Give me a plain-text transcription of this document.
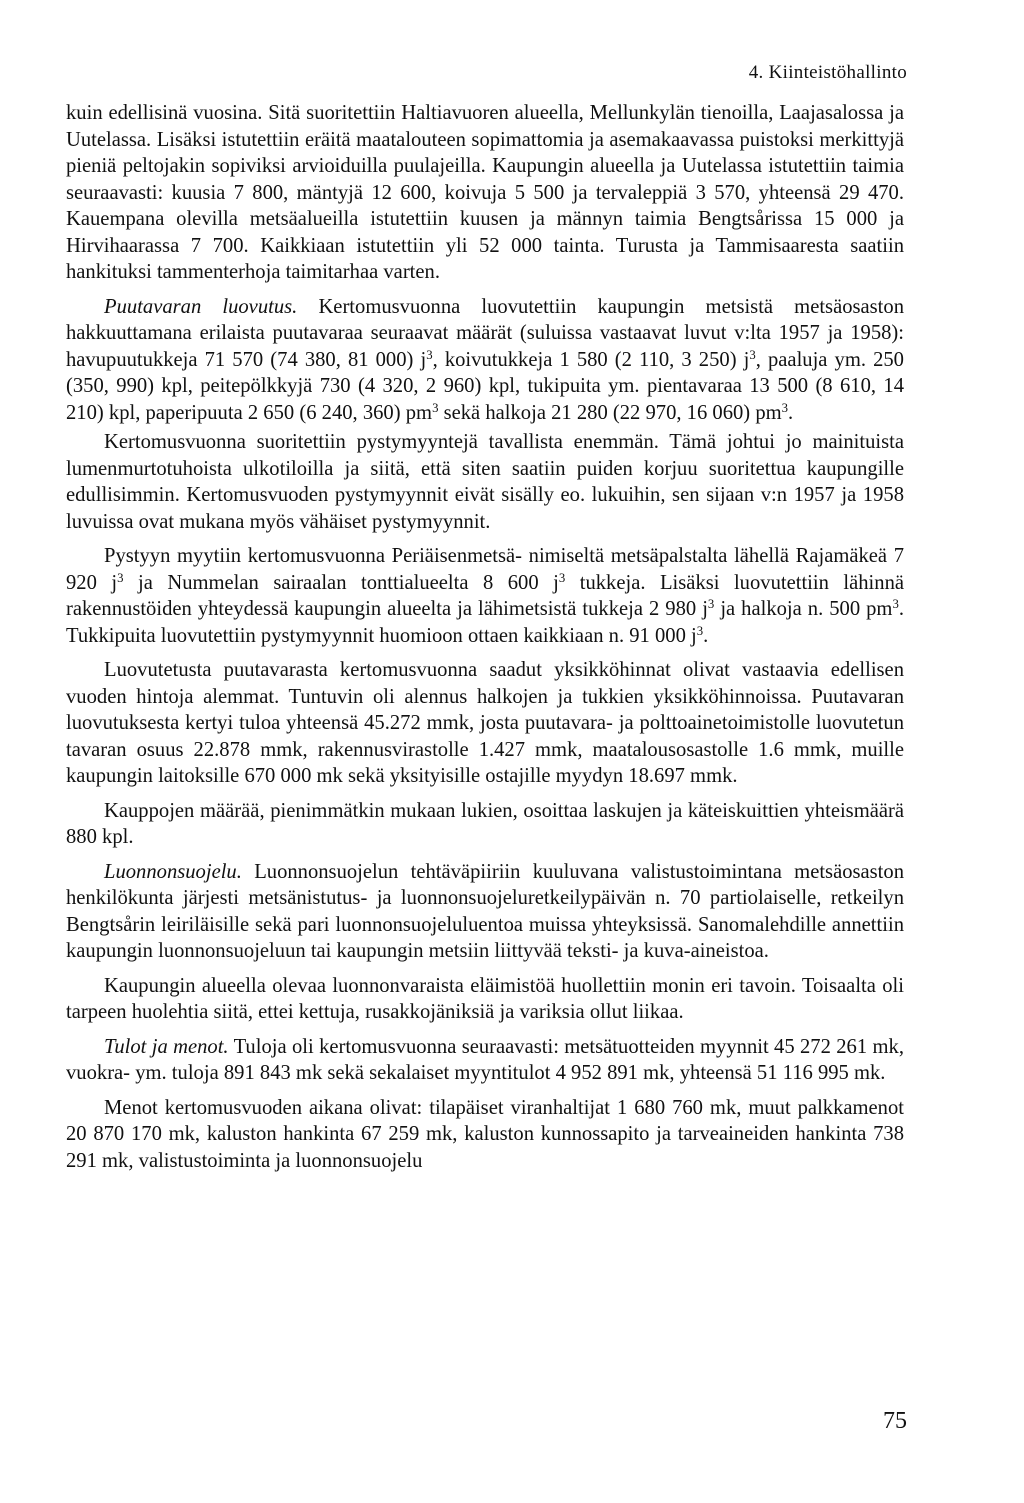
4. Kiinteistöhallinto

kuin edellisinä vuosina. Sitä suoritettiin Haltiavuoren alueella, Mellunkylän tienoilla, Laajasalossa ja Uutelassa. Lisäksi istutettiin eräitä maatalouteen sopimattomia ja asemakaavassa puistoksi merkittyjä pieniä peltojakin sopiviksi arvioiduilla puulajeilla. Kaupungin alueella ja Uutelassa istutettiin taimia seuraavasti: kuusia 7 800, mäntyjä 12 600, koivuja 5 500 ja tervaleppiä 3 570, yhteensä 29 470. Kauempana olevilla metsäalueilla istutettiin kuusen ja männyn taimia Bengtsårissa 15 000 ja Hirvihaarassa 7 700. Kaikkiaan istutettiin yli 52 000 tainta. Turusta ja Tammisaaresta saatiin hankituksi tammenterhoja taimitarhaa varten.

Puutavaran luovutus. Kertomusvuonna luovutettiin kaupungin metsistä metsäosaston hakkuuttamana erilaista puutavaraa seuraavat määrät (suluissa vastaavat luvut v:lta 1957 ja 1958): havupuutukkeja 71 570 (74 380, 81 000) $j^3$, koivutukkeja 1 580 (2 110, 3 250) $j^3$, paaluja ym. 250 (350, 990) kpl, peitepölkkyjä 730 (4 320, 2 960) kpl, tukipuita ym. pientavaraa 13 500 (8 610, 14 210) kpl, paperipuuta 2 650 (6 240, 360) $pm^3$ sekä halkoja 21 280 (22 970, 16 060) $pm^3$.

Kertomusvuonna suoritettiin pystymyyntejä tavallista enemmän. Tämä johtui jo mainituista lumenmurtotuhoista ulkotiloilla ja siitä, että siten saatiin puiden korjuu suoritettua kaupungille edullisimmin. Kertomusvuoden pystymyynnit eivät sisälly eo. lukuihin, sen sijaan v:n 1957 ja 1958 luvuissa ovat mukana myös vähäiset pystymyynnit.

Pystyyn myytiin kertomusvuonna Periäisenmetsä- nimiseltä metsäpalstalta lähellä Rajamäkeä 7 920 $j^3$ ja Nummelan sairaalan tonttialueelta 8 600 $j^3$ tukkeja. Lisäksi luovutettiin lähinnä rakennustöiden yhteydessä kaupungin alueelta ja lähimetsistä tukkeja 2 980 $j^3$ ja halkoja n. 500 $pm^3$. Tukkipuita luovutettiin pystymyynnit huomioon ottaen kaikkiaan n. 91 000 $j^3$.

Luovutetusta puutavarasta kertomusvuonna saadut yksikköhinnat olivat vastaavia edellisen vuoden hintoja alemmat. Tuntuvin oli alennus halkojen ja tukkien yksikköhinnoissa. Puutavaran luovutuksesta kertyi tuloa yhteensä 45.272 mmk, josta puutavara- ja polttoainetoimistolle luovutetun tavaran osuus 22.878 mmk, rakennusvirastolle 1.427 mmk, maatalousosastolle 1.6 mmk, muille kaupungin laitoksille 670 000 mk sekä yksityisille ostajille myydyn 18.697 mmk.

Kauppojen määrää, pienimmätkin mukaan lukien, osoittaa laskujen ja käteiskuittien yhteismäärä 880 kpl.

Luonnonsuojelu. Luonnonsuojelun tehtäväpiiriin kuuluvana valistustoimintana metsäosaston henkilökunta järjesti metsänistutus- ja luonnonsuojeluretkeilypäivän n. 70 partiolaiselle, retkeilyn Bengtsårin leiriläisille sekä pari luonnonsuojeluluentoa muissa yhteyksissä. Sanomalehdille annettiin kaupungin luonnonsuojeluun tai kaupungin metsiin liittyvää teksti- ja kuva-aineistoa.

Kaupungin alueella olevaa luonnonvaraista eläimistöä huollettiin monin eri tavoin. Toisaalta oli tarpeen huolehtia siitä, ettei kettuja, rusakkojäniksiä ja variksia ollut liikaa.

Tulot ja menot. Tuloja oli kertomusvuonna seuraavasti: metsätuotteiden myynnit 45 272 261 mk, vuokra- ym. tuloja 891 843 mk sekä sekalaiset myyntitulot 4 952 891 mk, yhteensä 51 116 995 mk.

Menot kertomusvuoden aikana olivat: tilapäiset viranhaltijat 1 680 760 mk, muut palkkamenot 20 870 170 mk, kaluston hankinta 67 259 mk, kaluston kunnossapito ja tarveaineiden hankinta 738 291 mk, valistustoiminta ja luonnonsuojelu

75
